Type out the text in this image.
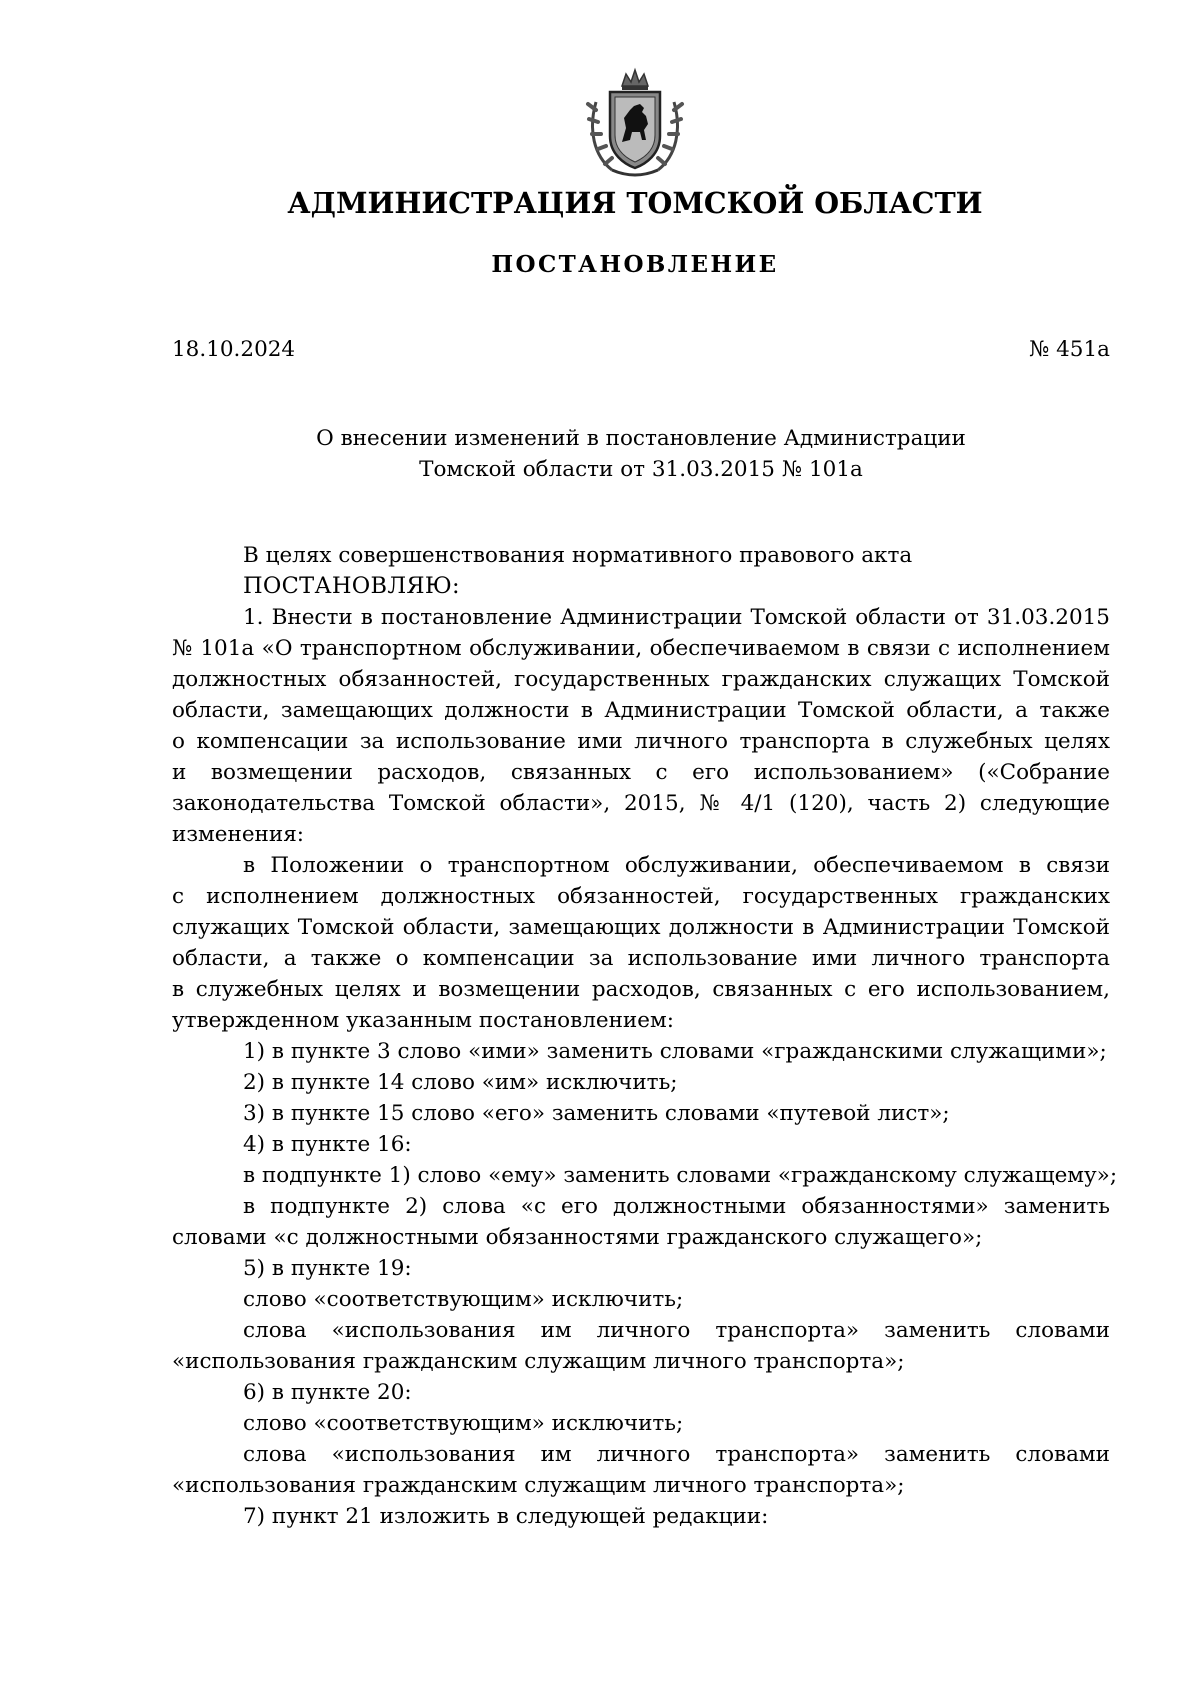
АДМИНИСТРАЦИЯ ТОМСКОЙ ОБЛАСТИ
ПОСТАНОВЛЕНИЕ
18.10.2024	№ 451а
О внесении изменений в постановление Администрации
Томской области от 31.03.2015 № 101а
В целях совершенствования нормативного правового акта
ПОСТАНОВЛЯЮ:
1. Внести в постановление Администрации Томской области от 31.03.2015
№ 101а «О транспортном обслуживании, обеспечиваемом в связи с исполнением
должностных обязанностей, государственных гражданских служащих Томской
области, замещающих должности в Администрации Томской области, а также
о компенсации за использование ими личного транспорта в служебных целях
и возмещении расходов, связанных с его использованием» («Собрание
законодательства Томской области», 2015, № 4/1 (120), часть 2) следующие
изменения:
в Положении о транспортном обслуживании, обеспечиваемом в связи
с исполнением должностных обязанностей, государственных гражданских
служащих Томской области, замещающих должности в Администрации Томской
области, а также о компенсации за использование ими личного транспорта
в служебных целях и возмещении расходов, связанных с его использованием,
утвержденном указанным постановлением:
1) в пункте 3 слово «ими» заменить словами «гражданскими служащими»;
2) в пункте 14 слово «им» исключить;
3) в пункте 15 слово «его» заменить словами «путевой лист»;
4) в пункте 16:
в подпункте 1) слово «ему» заменить словами «гражданскому служащему»;
в подпункте 2) слова «с его должностными обязанностями» заменить
словами «с должностными обязанностями гражданского служащего»;
5) в пункте 19:
слово «соответствующим» исключить;
слова «использования им личного транспорта» заменить словами
«использования гражданским служащим личного транспорта»;
6) в пункте 20:
слово «соответствующим» исключить;
слова «использования им личного транспорта» заменить словами
«использования гражданским служащим личного транспорта»;
7) пункт 21 изложить в следующей редакции:
